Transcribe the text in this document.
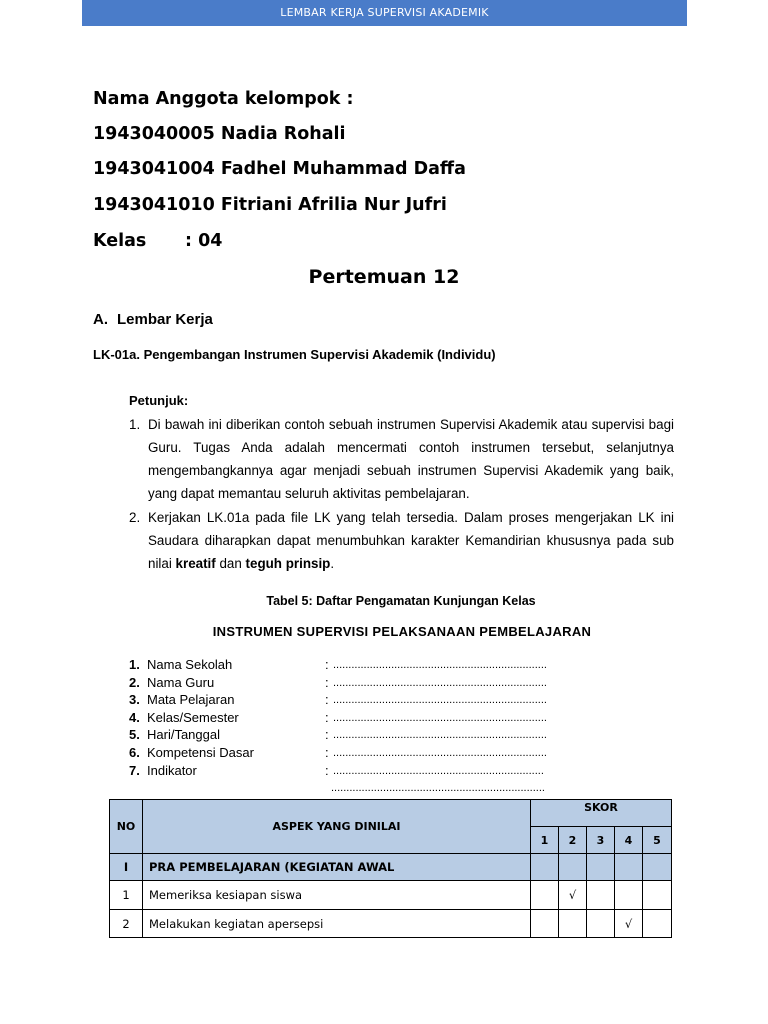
LEMBAR KERJA SUPERVISI AKADEMIK
Nama Anggota kelompok :
1943040005 Nadia Rohali
1943041004 Fadhel Muhammad Daffa
1943041010 Fitriani Afrilia Nur Jufri
Kelas : 04
Pertemuan 12
A. Lembar Kerja
LK-01a. Pengembangan Instrumen Supervisi Akademik (Individu)
Petunjuk:
1. Di bawah ini diberikan contoh sebuah instrumen Supervisi Akademik atau supervisi bagi Guru. Tugas Anda adalah mencermati contoh instrumen tersebut, selanjutnya mengembangkannya agar menjadi sebuah instrumen Supervisi Akademik yang baik, yang dapat memantau seluruh aktivitas pembelajaran.
2. Kerjakan LK.01a pada file LK yang telah tersedia. Dalam proses mengerjakan LK ini Saudara diharapkan dapat menumbuhkan karakter Kemandirian khususnya pada sub nilai kreatif dan teguh prinsip.
Tabel 5: Daftar Pengamatan Kunjungan Kelas
INSTRUMEN SUPERVISI PELAKSANAAN PEMBELAJARAN
1. Nama Sekolah	: ......................................................................
2. Nama Guru	: ......................................................................
3. Mata Pelajaran	: ......................................................................
4. Kelas/Semester	: ......................................................................
5. Hari/Tanggal	: ......................................................................
6. Kompetensi Dasar	: ......................................................................
7. Indikator	: .....................................................................
......................................................................
NO	ASPEK YANG DINILAI	SKOR				
		1	2	3	4	5
I	PRA PEMBELAJARAN (KEGIATAN AWAL					
1	Memeriksa kesiapan siswa		√			
2	Melakukan kegiatan apersepsi				√	
